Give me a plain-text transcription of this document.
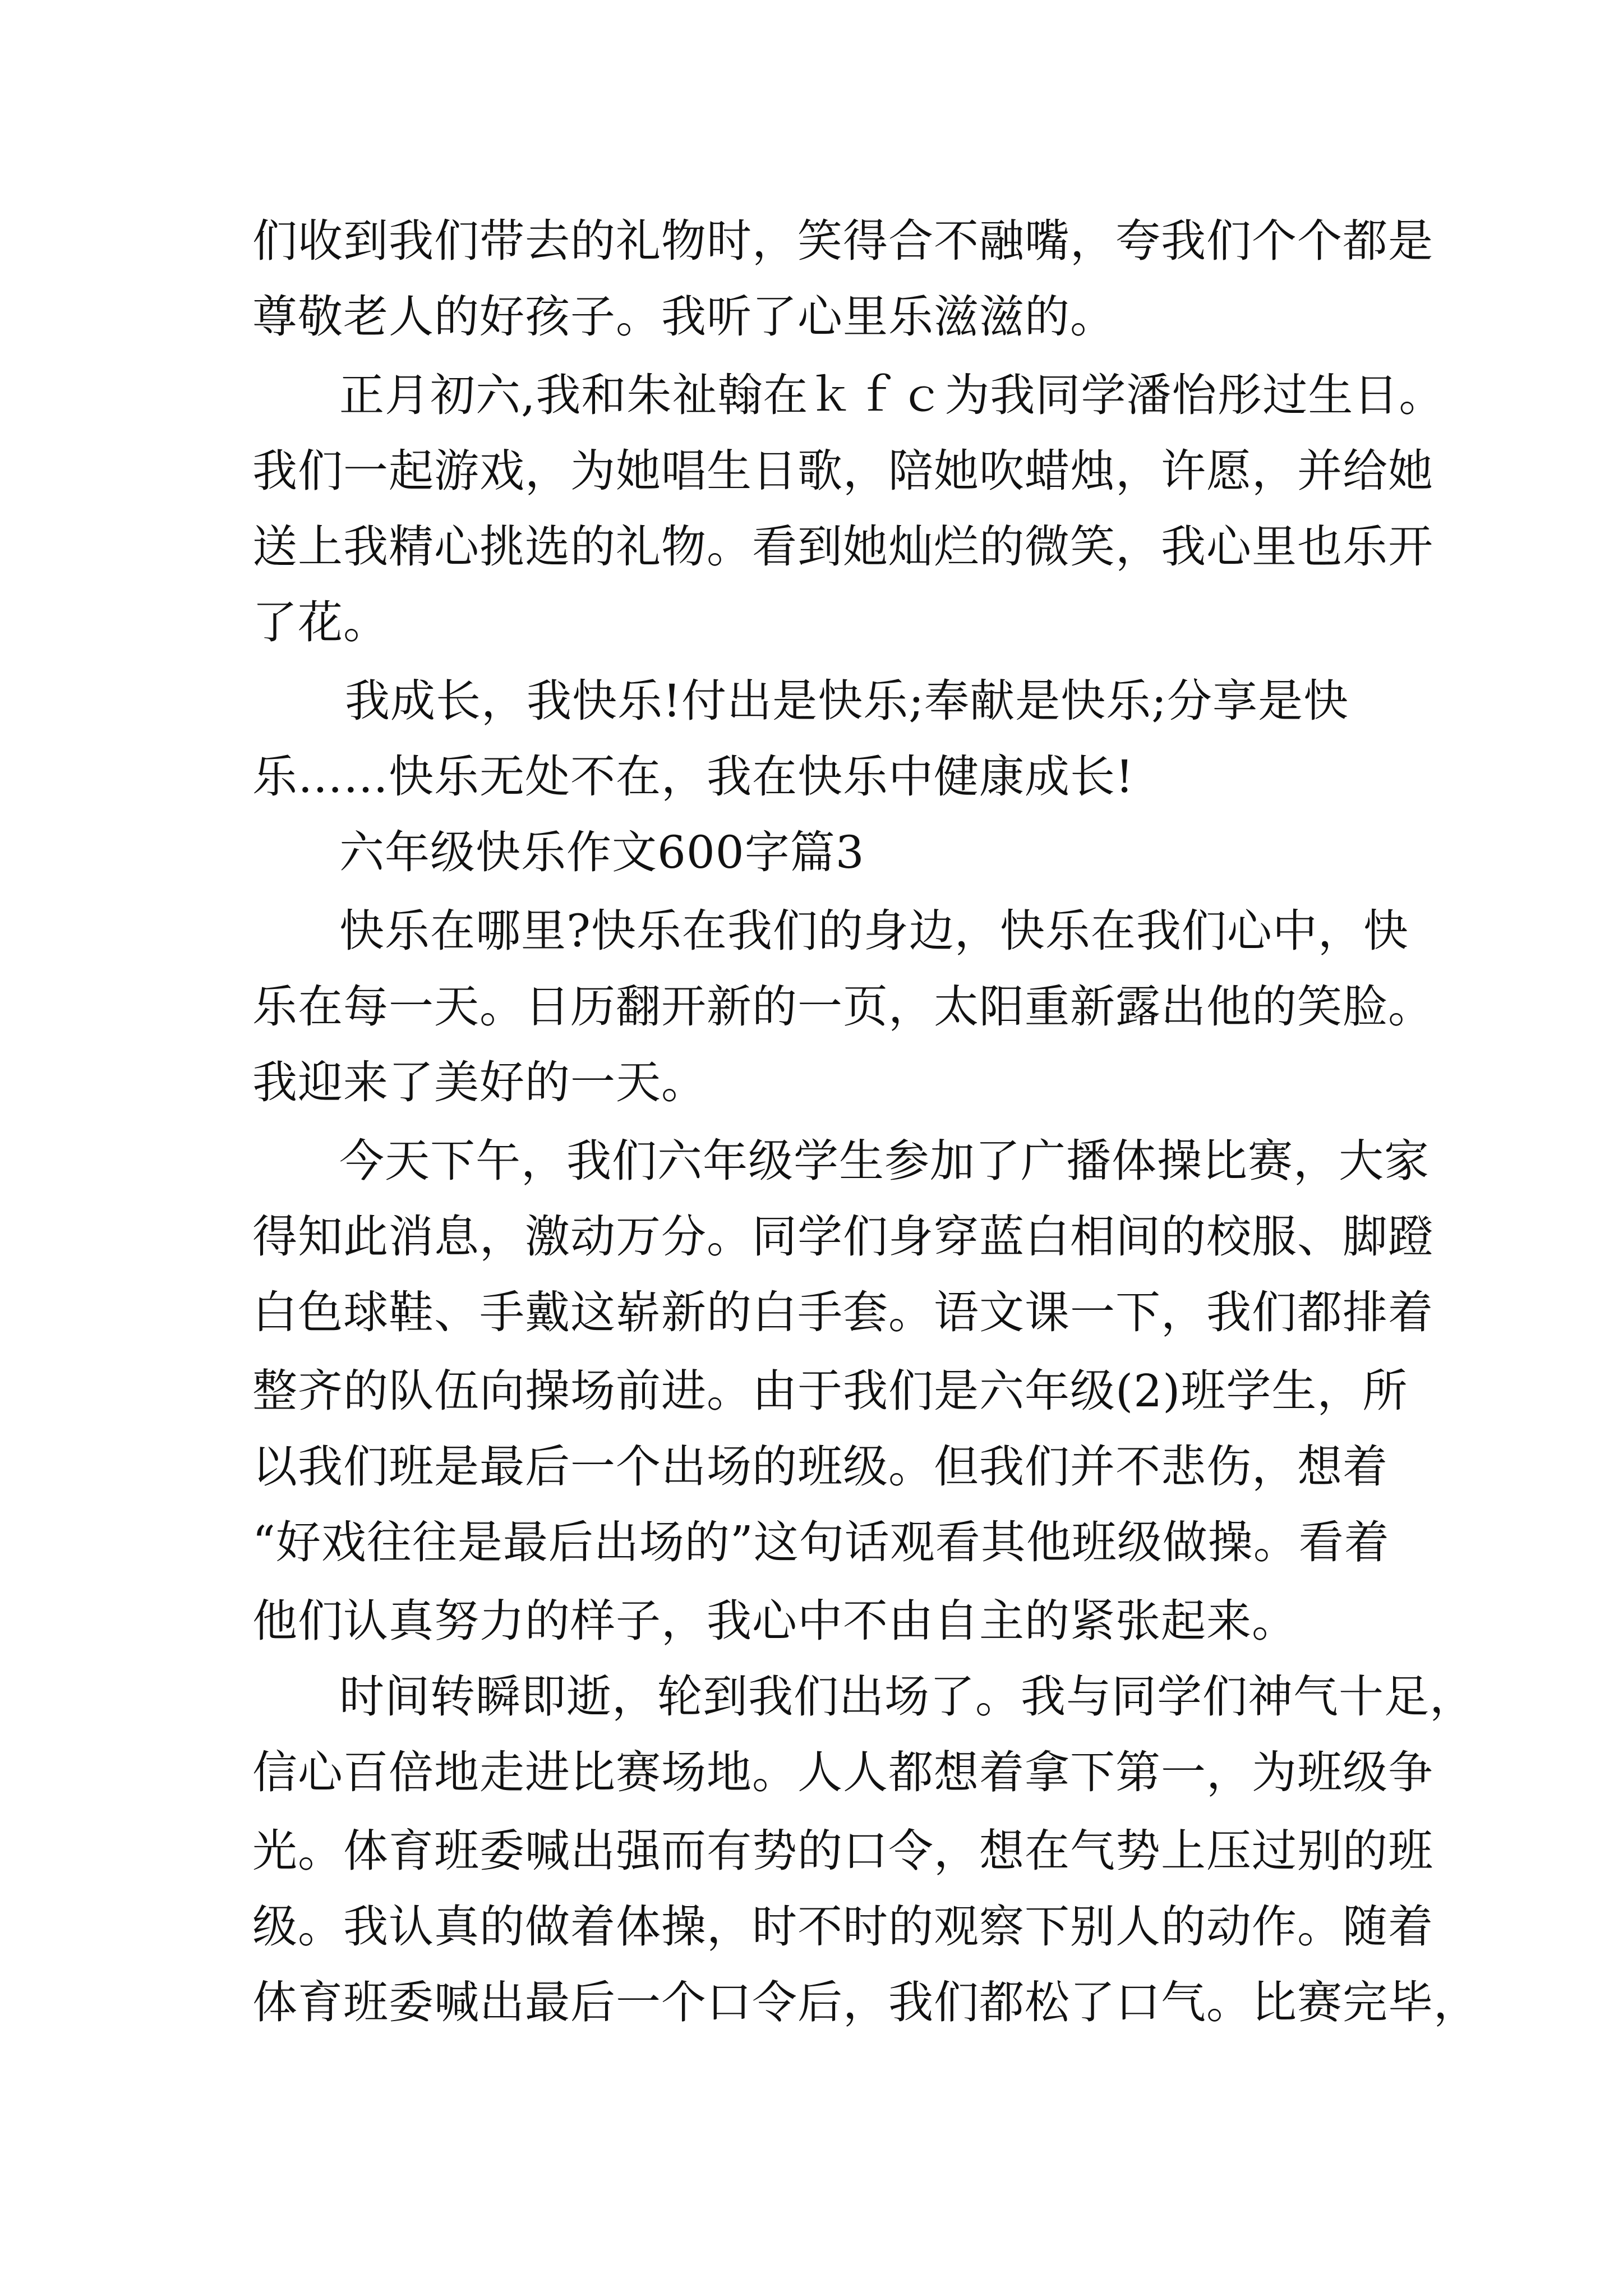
们收到我们带去的礼物时，笑得合不融嘴，夸我们个个都是
尊敬老人的好孩子。我听了心里乐滋滋的。
正月初六,我和朱祉翰在ｋｆｃ为我同学潘怡彤过生日。
我们一起游戏，为她唱生日歌，陪她吹蜡烛，许愿，并给她
送上我精心挑选的礼物。看到她灿烂的微笑，我心里也乐开
了花。
我成长，我快乐!付出是快乐;奉献是快乐;分享是快
乐……快乐无处不在，我在快乐中健康成长!
六年级快乐作文600字篇3
快乐在哪里?快乐在我们的身边，快乐在我们心中，快
乐在每一天。日历翻开新的一页，太阳重新露出他的笑脸。
我迎来了美好的一天。
今天下午，我们六年级学生参加了广播体操比赛，大家
得知此消息，激动万分。同学们身穿蓝白相间的校服、脚蹬
白色球鞋、手戴这崭新的白手套。语文课一下，我们都排着
整齐的队伍向操场前进。由于我们是六年级(2)班学生，所
以我们班是最后一个出场的班级。但我们并不悲伤，想着
“好戏往往是最后出场的”这句话观看其他班级做操。看着
他们认真努力的样子，我心中不由自主的紧张起来。
时间转瞬即逝，轮到我们出场了。我与同学们神气十足，
信心百倍地走进比赛场地。人人都想着拿下第一，为班级争
光。体育班委喊出强而有势的口令，想在气势上压过别的班
级。我认真的做着体操，时不时的观察下别人的动作。随着
体育班委喊出最后一个口令后，我们都松了口气。比赛完毕，
